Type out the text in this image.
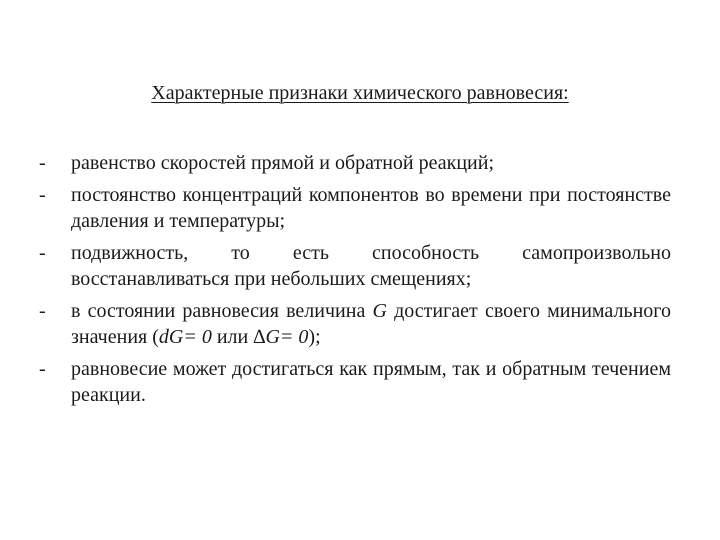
Характерные признаки химического равновесия:
- равенство скоростей прямой и обратной реакций;
- постоянство концентраций компонентов во времени при постоянстве давления и температуры;
- подвижность, то есть способность самопроизвольно восстанавливаться при небольших смещениях;
- в состоянии равновесия величина G достигает своего минимального значения (dG= 0 или ∆G= 0);
- равновесие может достигаться как прямым, так и обратным течением реакции.
